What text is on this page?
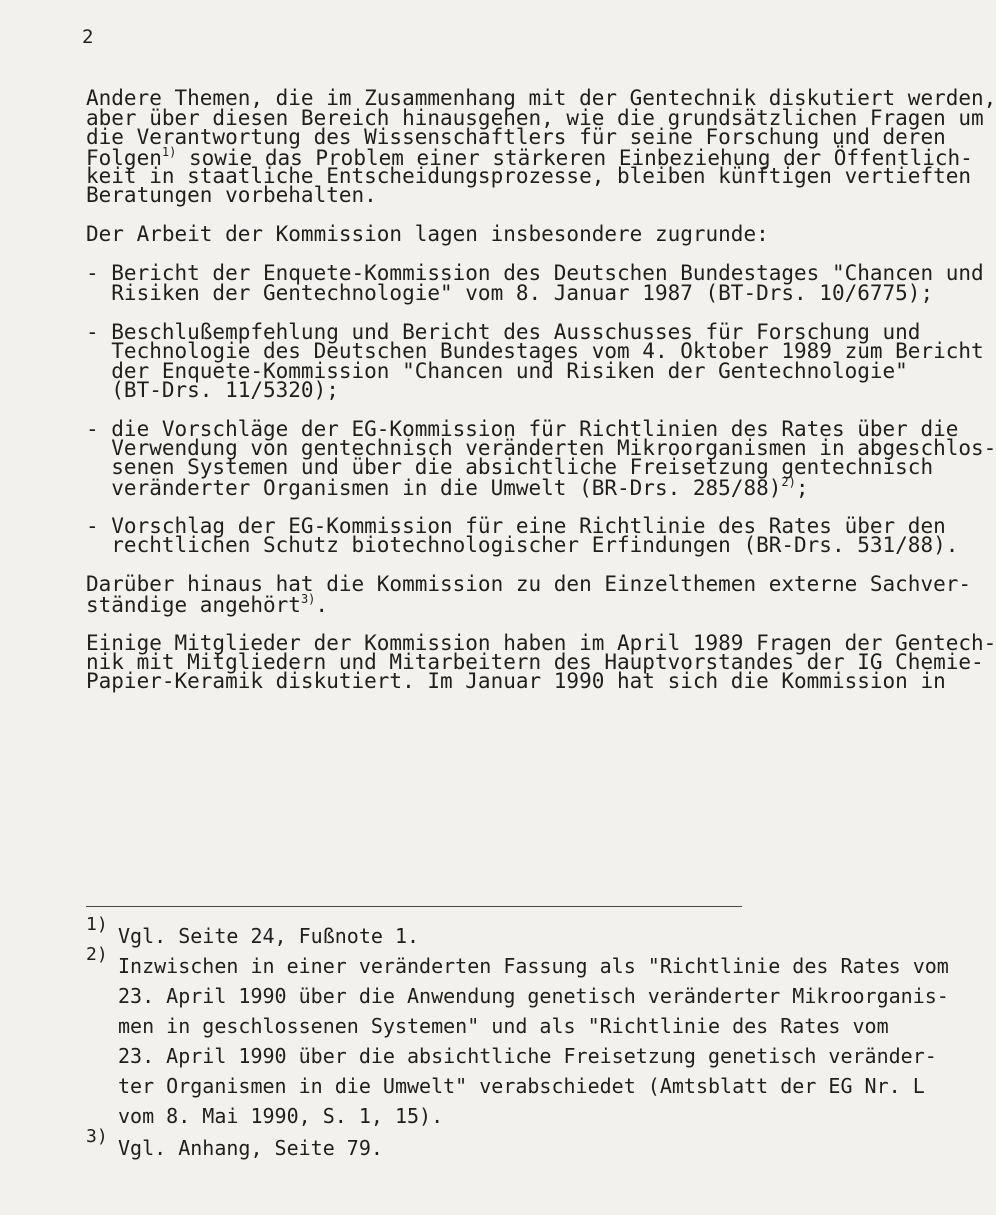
2
Andere Themen, die im Zusammenhang mit der Gentechnik diskutiert werden,
aber über diesen Bereich hinausgehen, wie die grundsätzlichen Fragen um
die Verantwortung des Wissenschaftlers für seine Forschung und deren
Folgen$^{1)}$ sowie das Problem einer stärkeren Einbeziehung der Öffentlich-
keit in staatliche Entscheidungsprozesse, bleiben künftigen vertieften
Beratungen vorbehalten.
Der Arbeit der Kommission lagen insbesondere zugrunde:
- Bericht der Enquete-Kommission des Deutschen Bundestages "Chancen und
Risiken der Gentechnologie" vom 8. Januar 1987 (BT-Drs. 10/6775);
- Beschlußempfehlung und Bericht des Ausschusses für Forschung und
Technologie des Deutschen Bundestages vom 4. Oktober 1989 zum Bericht
der Enquete-Kommission "Chancen und Risiken der Gentechnologie"
(BT-Drs. 11/5320);
- die Vorschläge der EG-Kommission für Richtlinien des Rates über die
Verwendung von gentechnisch veränderten Mikroorganismen in abgeschlos-
senen Systemen und über die absichtliche Freisetzung gentechnisch
veränderter Organismen in die Umwelt (BR-Drs. 285/88)$^{2)}$;
- Vorschlag der EG-Kommission für eine Richtlinie des Rates über den
rechtlichen Schutz biotechnologischer Erfindungen (BR-Drs. 531/88).
Darüber hinaus hat die Kommission zu den Einzelthemen externe Sachver-
ständige angehört$^{3)}$.
Einige Mitglieder der Kommission haben im April 1989 Fragen der Gentech-
nik mit Mitgliedern und Mitarbeitern des Hauptvorstandes der IG Chemie-
Papier-Keramik diskutiert. Im Januar 1990 hat sich die Kommission in
1) Vgl. Seite 24, Fußnote 1.
2) Inzwischen in einer veränderten Fassung als "Richtlinie des Rates vom
23. April 1990 über die Anwendung genetisch veränderter Mikroorganis-
men in geschlossenen Systemen" und als "Richtlinie des Rates vom
23. April 1990 über die absichtliche Freisetzung genetisch veränder-
ter Organismen in die Umwelt" verabschiedet (Amtsblatt der EG Nr. L
vom 8. Mai 1990, S. 1, 15).
3) Vgl. Anhang, Seite 79.
